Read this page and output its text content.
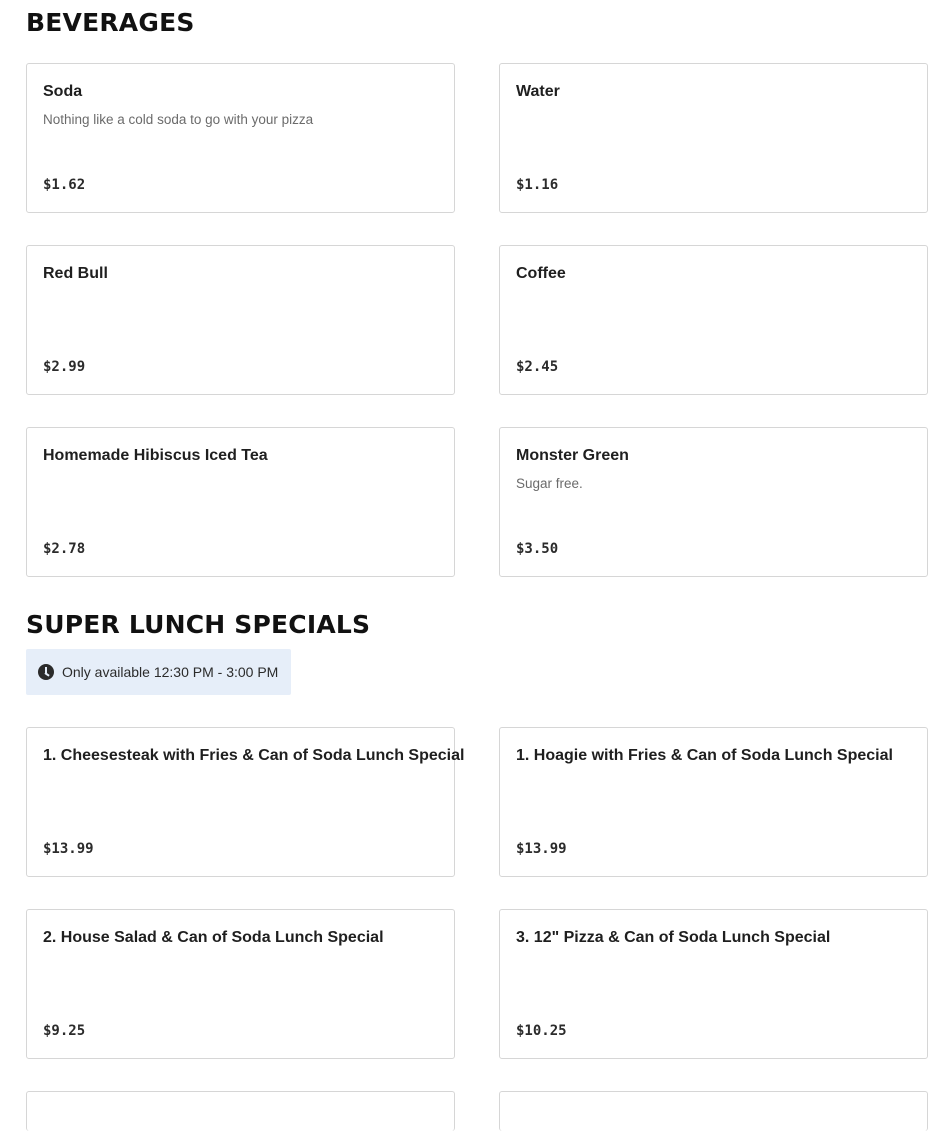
BEVERAGES
Soda
Nothing like a cold soda to go with your pizza
$1.62
Water
$1.16
Red Bull
$2.99
Coffee
$2.45
Homemade Hibiscus Iced Tea
$2.78
Monster Green
Sugar free.
$3.50
SUPER LUNCH SPECIALS
Only available 12:30 PM - 3:00 PM
1. Cheesesteak with Fries & Can of Soda Lunch Special
$13.99
1. Hoagie with Fries & Can of Soda Lunch Special
$13.99
2. House Salad & Can of Soda Lunch Special
$9.25
3. 12" Pizza & Can of Soda Lunch Special
$10.25
